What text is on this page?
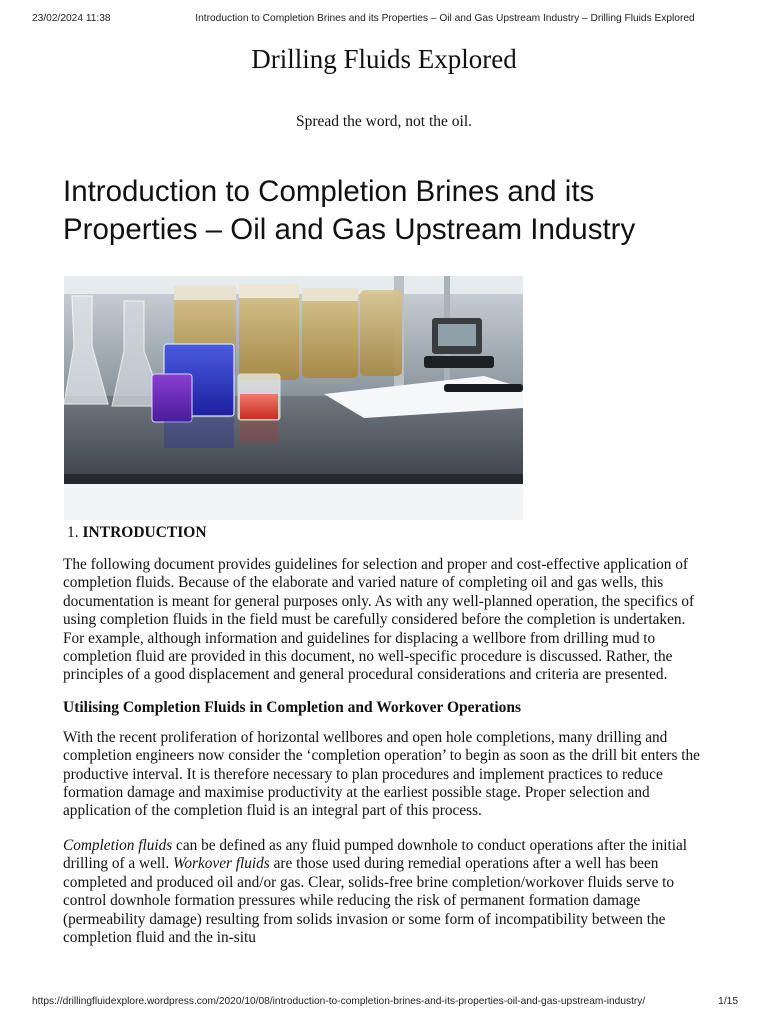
23/02/2024 11:38	Introduction to Completion Brines and its Properties – Oil and Gas Upstream Industry – Drilling Fluids Explored
Drilling Fluids Explored
Spread the word, not the oil.
Introduction to Completion Brines and its Properties – Oil and Gas Upstream Industry
1. INTRODUCTION

The following document provides guidelines for selection and proper and cost-effective application of completion fluids. Because of the elaborate and varied nature of completing oil and gas wells, this documentation is meant for general purposes only. As with any well-planned operation, the specifics of using completion fluids in the field must be carefully considered before the completion is undertaken. For example, although information and guidelines for displacing a wellbore from drilling mud to completion fluid are provided in this document, no well-specific procedure is discussed. Rather, the principles of a good displacement and general procedural considerations and criteria are presented.

Utilising Completion Fluids in Completion and Workover Operations

With the recent proliferation of horizontal wellbores and open hole completions, many drilling and completion engineers now consider the ‘completion operation’ to begin as soon as the drill bit enters the productive interval. It is therefore necessary to plan procedures and implement practices to reduce formation damage and maximise productivity at the earliest possible stage. Proper selection and application of the completion fluid is an integral part of this process.

Completion fluids can be defined as any fluid pumped downhole to conduct operations after the initial drilling of a well. Workover fluids are those used during remedial operations after a well has been completed and produced oil and/or gas. Clear, solids-free brine completion/workover fluids serve to control downhole formation pressures while reducing the risk of permanent formation damage (permeability damage) resulting from solids invasion or some form of incompatibility between the completion fluid and the in-situ

https://drillingfluidexplore.wordpress.com/2020/10/08/introduction-to-completion-brines-and-its-properties-oil-and-gas-upstream-industry/	1/15
